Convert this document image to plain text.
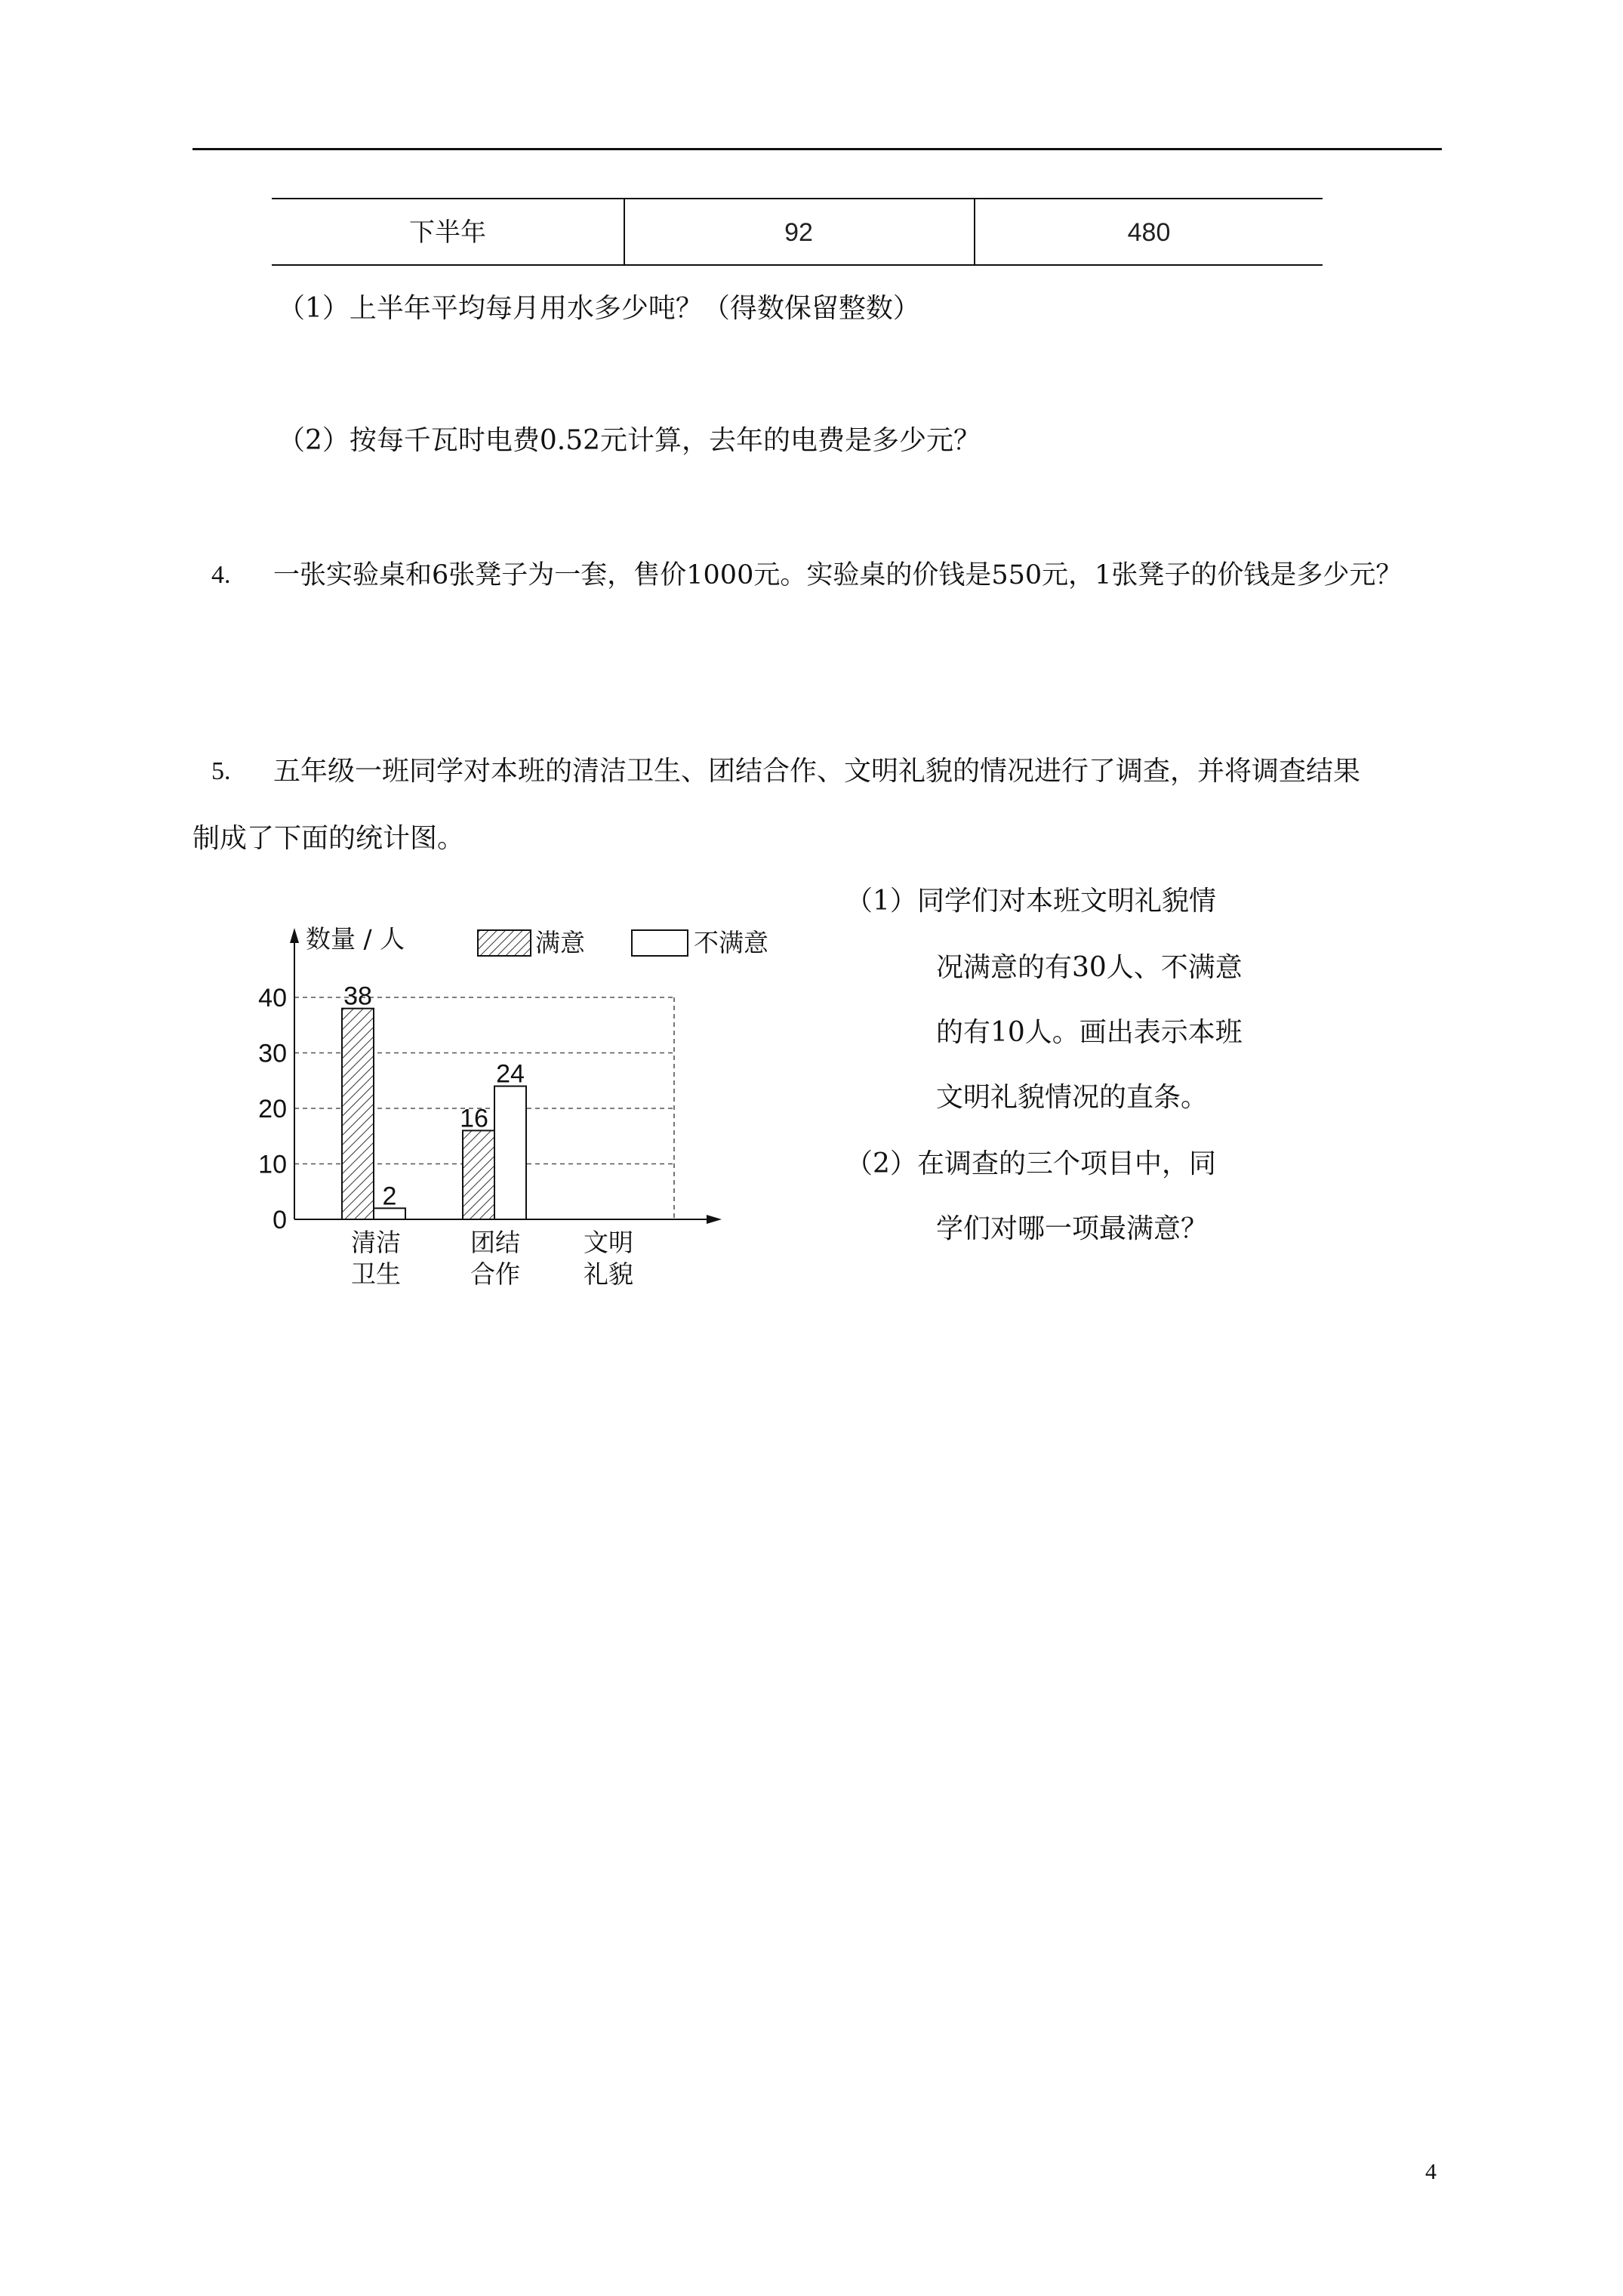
下半年	92	480
（1）上半年平均每月用水多少吨？（得数保留整数）
（2）按每千瓦时电费0.52元计算，去年的电费是多少元？
4. 一张实验桌和6张凳子为一套，售价1000元。实验桌的价钱是550元，1张凳子的价钱是多少元？
5. 五年级一班同学对本班的清洁卫生、团结合作、文明礼貌的情况进行了调查，并将调查结果
制成了下面的统计图。
0
10
20
30
40 38
16
2
24
数量 / 人
清洁
卫生
团结
合作
文明
礼貌
满意	不满意
（1） 同学们对本班文明礼貌情
况满意的有30人、不满意
的有10人。画出表示本班
文明礼貌情况的直条。
（2） 在调查的三个项目中，同
学们对哪一项最满意？
4
